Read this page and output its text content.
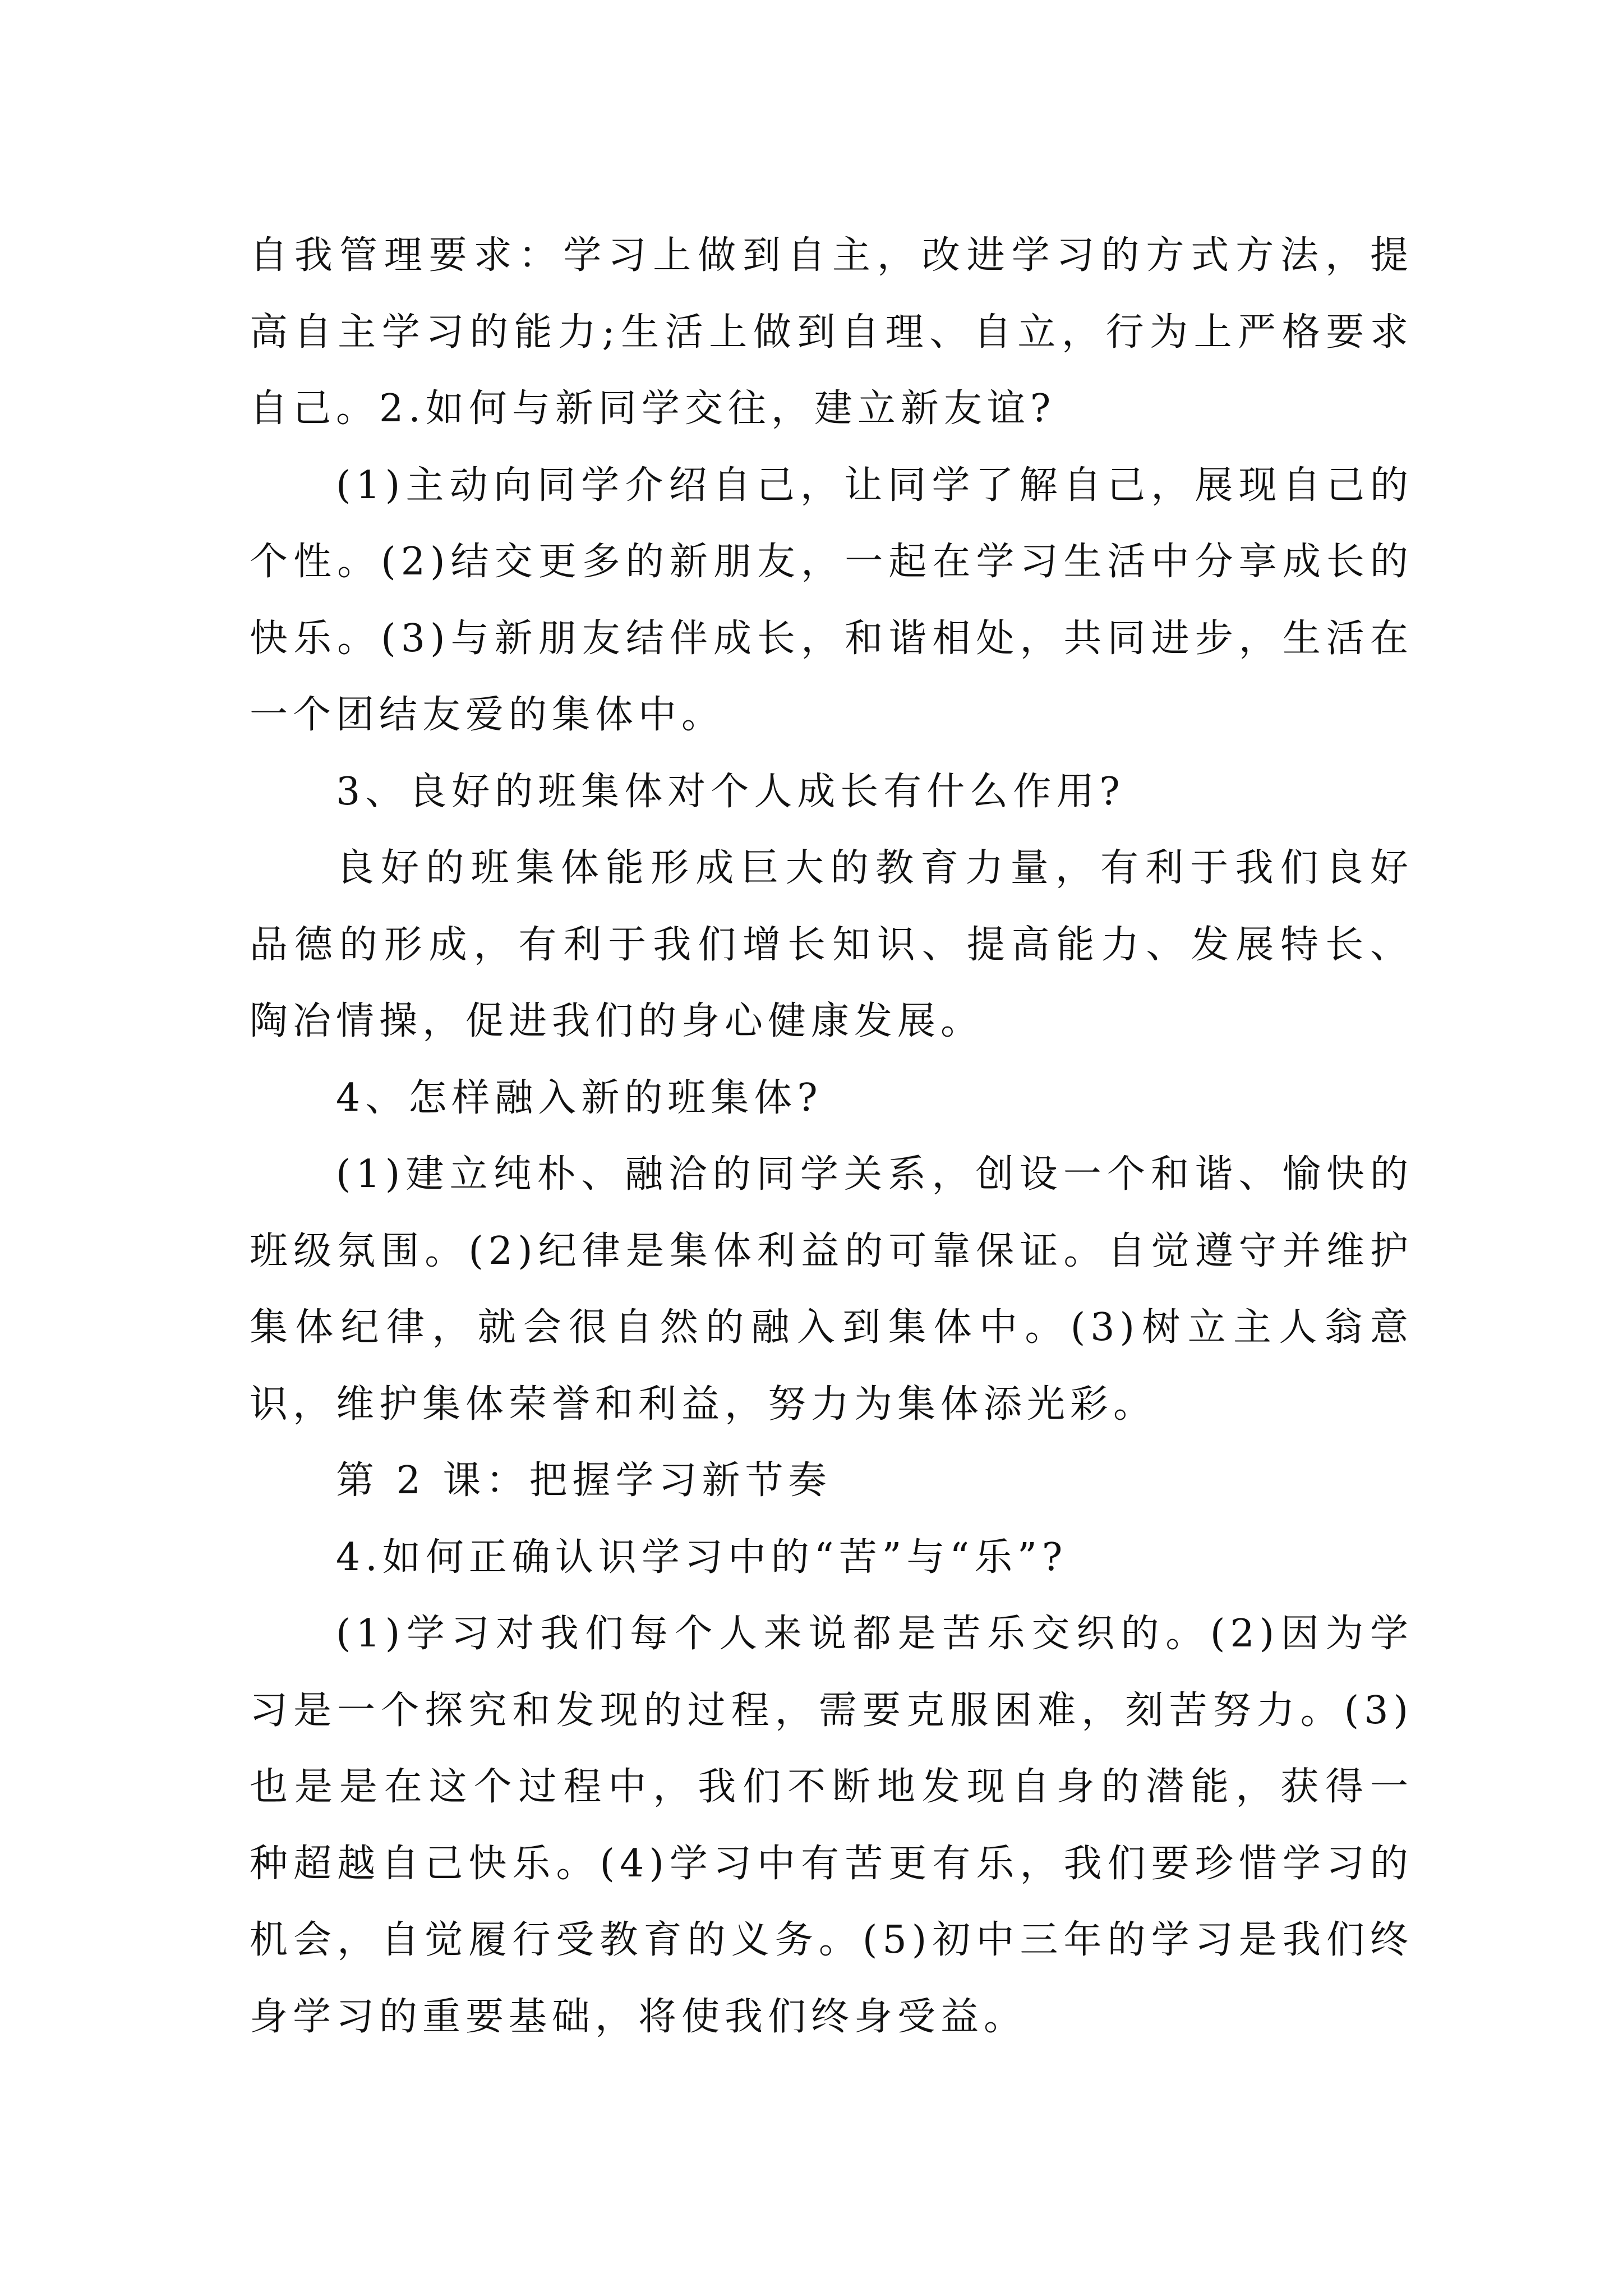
自我管理要求：学习上做到自主，改进学习的方式方法，提高自主学习的能力;生活上做到自理、自立，行为上严格要求自己。2.如何与新同学交往，建立新友谊?

(1)主动向同学介绍自己，让同学了解自己，展现自己的个性。(2)结交更多的新朋友，一起在学习生活中分享成长的快乐。(3)与新朋友结伴成长，和谐相处，共同进步，生活在一个团结友爱的集体中。

3、良好的班集体对个人成长有什么作用?

良好的班集体能形成巨大的教育力量，有利于我们良好品德的形成，有利于我们增长知识、提高能力、发展特长、陶冶情操，促进我们的身心健康发展。

4、怎样融入新的班集体?

(1)建立纯朴、融洽的同学关系，创设一个和谐、愉快的班级氛围。(2)纪律是集体利益的可靠保证。自觉遵守并维护集体纪律，就会很自然的融入到集体中。(3)树立主人翁意识，维护集体荣誉和利益，努力为集体添光彩。

第 2 课：把握学习新节奏

4.如何正确认识学习中的“苦”与“乐”?

(1)学习对我们每个人来说都是苦乐交织的。(2)因为学习是一个探究和发现的过程，需要克服困难，刻苦努力。(3)也是是在这个过程中，我们不断地发现自身的潜能，获得一种超越自己快乐。(4)学习中有苦更有乐，我们要珍惜学习的机会，自觉履行受教育的义务。(5)初中三年的学习是我们终身学习的重要基础，将使我们终身受益。
